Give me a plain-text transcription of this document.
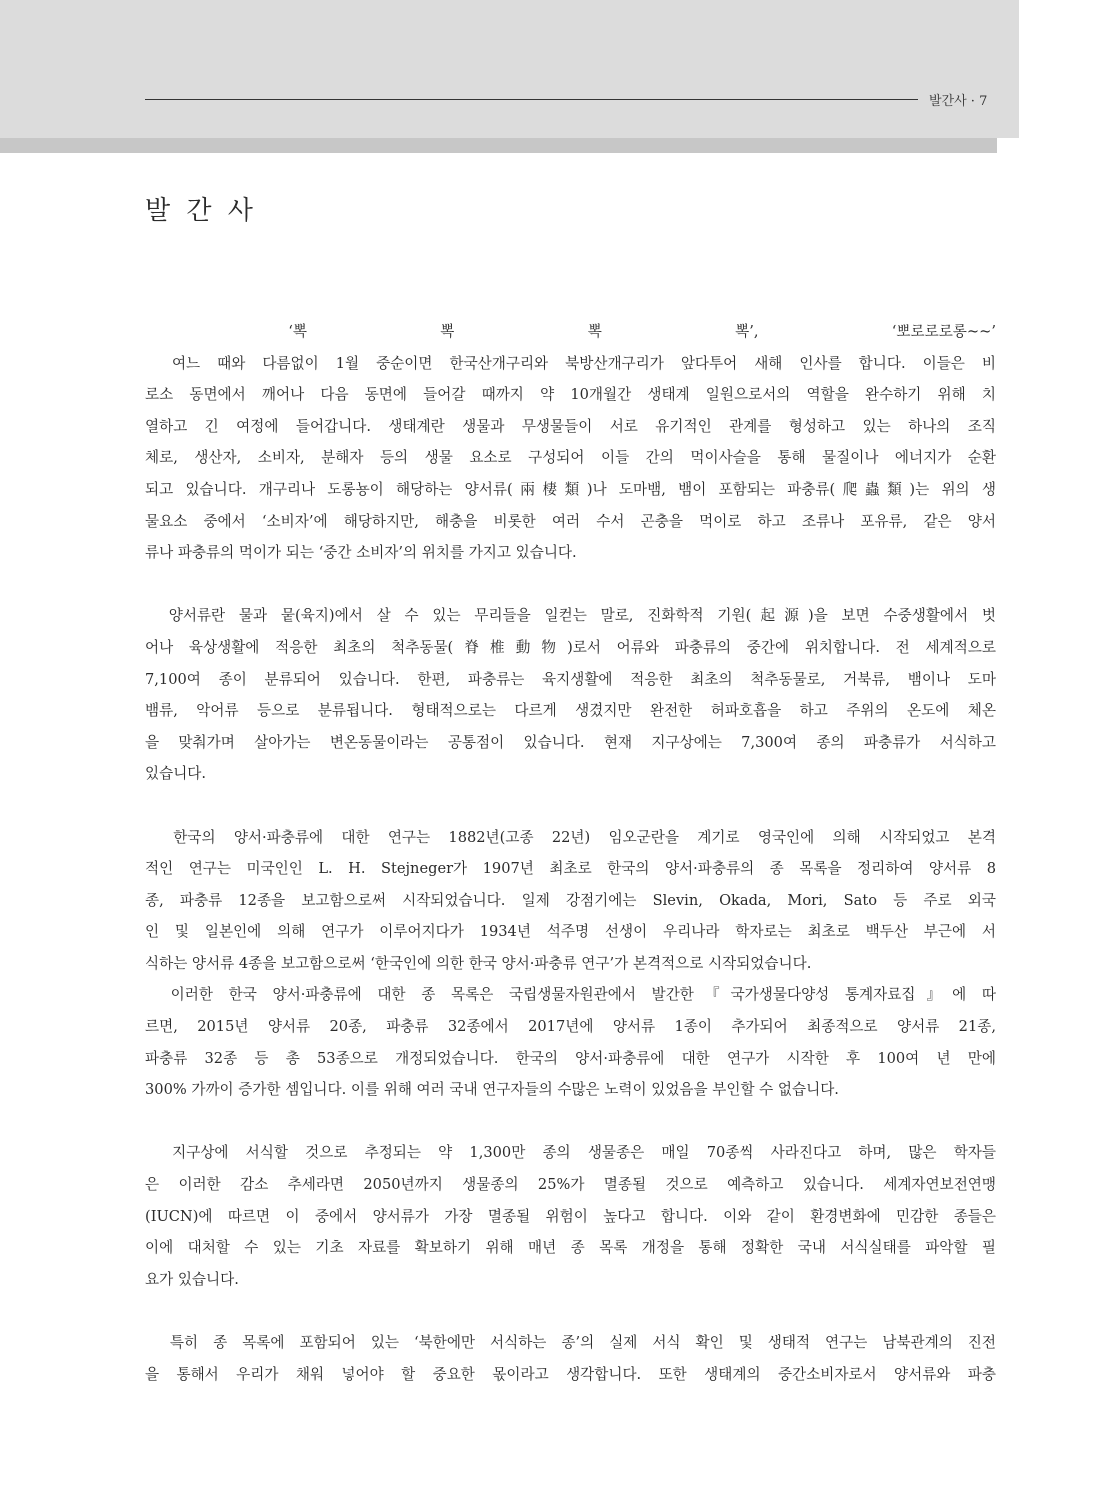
발간사 · 7
발 간 사
　‘뽁 뽁 뽁 뽁’, ‘뽀로로로롱~~’
　여느 때와 다름없이 1월 중순이면 한국산개구리와 북방산개구리가 앞다투어 새해 인사를 합니다. 이들은 비
로소 동면에서 깨어나 다음 동면에 들어갈 때까지 약 10개월간 생태계 일원으로서의 역할을 완수하기 위해 치
열하고 긴 여정에 들어갑니다. 생태계란 생물과 무생물들이 서로 유기적인 관계를 형성하고 있는 하나의 조직
체로, 생산자, 소비자, 분해자 등의 생물 요소로 구성되어 이들 간의 먹이사슬을 통해 물질이나 에너지가 순환
되고 있습니다. 개구리나 도롱뇽이 해당하는 양서류(兩棲類)나 도마뱀, 뱀이 포함되는 파충류(爬蟲類)는 위의 생
물요소 중에서 ‘소비자’에 해당하지만, 해충을 비롯한 여러 수서 곤충을 먹이로 하고 조류나 포유류, 같은 양서
류나 파충류의 먹이가 되는 ‘중간 소비자’의 위치를 가지고 있습니다.
　양서류란 물과 뭍(육지)에서 살 수 있는 무리들을 일컫는 말로, 진화학적 기원(起源)을 보면 수중생활에서 벗
어나 육상생활에 적응한 최초의 척추동물(脊椎動物)로서 어류와 파충류의 중간에 위치합니다. 전 세계적으로
7,100여 종이 분류되어 있습니다. 한편, 파충류는 육지생활에 적응한 최초의 척추동물로, 거북류, 뱀이나 도마
뱀류, 악어류 등으로 분류됩니다. 형태적으로는 다르게 생겼지만 완전한 허파호흡을 하고 주위의 온도에 체온
을 맞춰가며 살아가는 변온동물이라는 공통점이 있습니다. 현재 지구상에는 7,300여 종의 파충류가 서식하고
있습니다.
　한국의 양서·파충류에 대한 연구는 1882년(고종 22년) 임오군란을 계기로 영국인에 의해 시작되었고 본격
적인 연구는 미국인인 L. H. Stejneger가 1907년 최초로 한국의 양서·파충류의 종 목록을 정리하여 양서류 8
종, 파충류 12종을 보고함으로써 시작되었습니다. 일제 강점기에는 Slevin, Okada, Mori, Sato 등 주로 외국
인 및 일본인에 의해 연구가 이루어지다가 1934년 석주명 선생이 우리나라 학자로는 최초로 백두산 부근에 서
식하는 양서류 4종을 보고함으로써 ‘한국인에 의한 한국 양서·파충류 연구’가 본격적으로 시작되었습니다.
　이러한 한국 양서·파충류에 대한 종 목록은 국립생물자원관에서 발간한『국가생물다양성 통계자료집』에 따
르면, 2015년 양서류 20종, 파충류 32종에서 2017년에 양서류 1종이 추가되어 최종적으로 양서류 21종,
파충류 32종 등 총 53종으로 개정되었습니다. 한국의 양서·파충류에 대한 연구가 시작한 후 100여 년 만에
300% 가까이 증가한 셈입니다. 이를 위해 여러 국내 연구자들의 수많은 노력이 있었음을 부인할 수 없습니다.
　지구상에 서식할 것으로 추정되는 약 1,300만 종의 생물종은 매일 70종씩 사라진다고 하며, 많은 학자들
은 이러한 감소 추세라면 2050년까지 생물종의 25%가 멸종될 것으로 예측하고 있습니다. 세계자연보전연맹
(IUCN)에 따르면 이 중에서 양서류가 가장 멸종될 위험이 높다고 합니다. 이와 같이 환경변화에 민감한 종들은
이에 대처할 수 있는 기초 자료를 확보하기 위해 매년 종 목록 개정을 통해 정확한 국내 서식실태를 파악할 필
요가 있습니다.
　특히 종 목록에 포함되어 있는 ‘북한에만 서식하는 종’의 실제 서식 확인 및 생태적 연구는 남북관계의 진전
을 통해서 우리가 채워 넣어야 할 중요한 몫이라고 생각합니다. 또한 생태계의 중간소비자로서 양서류와 파충
